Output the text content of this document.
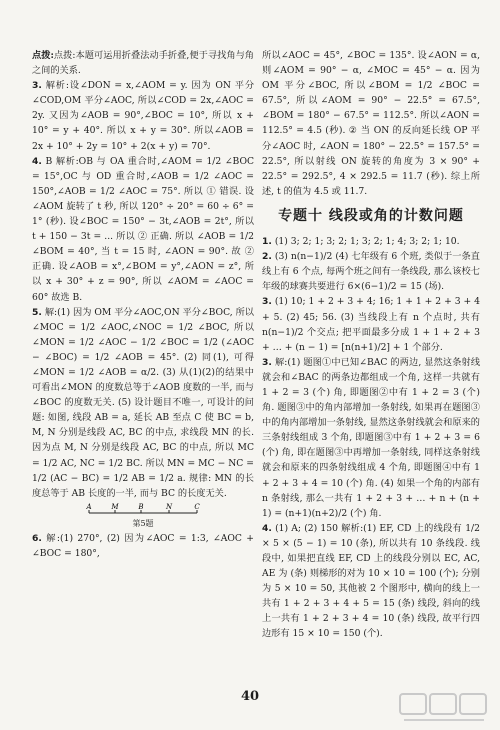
点拨:点拨:本题可运用折叠法动手折叠,便于寻找角与角之间的关系.

3. 解析:设∠DON = x,∠AOM = y. 因为 ON 平分∠COD,OM 平分∠AOC, 所以∠COD = 2x,∠AOC = 2y. 又因为∠AOB = 90°,∠BOC = 10°, 所以 x + 10° = y + 40°. 所以 x + y = 30°. 所以∠AOB = 2x + 10° + 2y = 10° + 2(x + y) = 70°.

4. B 解析:OB 与 OA 重合时,∠AOM = 1/2 ∠BOC = 15°,OC 与 OD 重合时,∠AOB = 1/2 ∠AOC = 150°,∠AOB = 1/2 ∠AOC = 75°. 所以 ① 错误. 设∠AOM 旋转了 t 秒, 所以 120° ÷ 20° = 60 ÷ 6° = 1° (秒). 设∠BOC = 150° − 3t,∠AOB = 2t°, 所以 t + 150 − 3t = ... 所以 ② 正确. 所以 ∠AOB = 1/2 ∠BOM = 40°, 当 t = 15 时, ∠AON = 90°. 故 ② 正确. 设∠AOB = x°,∠BOM = y°,∠AON = z°, 所以 x + 30° + z = 90°, 所以 ∠AOM = ∠AOC = 60° 故选 B.

5. 解:(1) 因为 OM 平分∠AOC,ON 平分∠BOC, 所以∠MOC = 1/2 ∠AOC,∠NOC = 1/2 ∠BOC, 所以∠MON = 1/2 ∠AOC − 1/2 ∠BOC = 1/2 (∠AOC − ∠BOC) = 1/2 ∠AOB = 45°. (2) 同(1), 可得∠MON = 1/2 ∠AOB = α/2. (3) 从(1)(2)的结果中可看出∠MON 的度数总等于∠AOB 度数的一半, 而与∠BOC 的度数无关. (5) 设计题目不唯一, 可设计的问题: 如图, 线段 AB = a, 延长 AB 至点 C 使 BC = b, M, N 分别是线段 AC, BC 的中点, 求线段 MN 的长. 因为点 M, N 分别是线段 AC, BC 的中点, 所以 MC = 1/2 AC, NC = 1/2 BC. 所以 MN = MC − NC = 1/2 (AC − BC) = 1/2 AB = 1/2 a. 规律: MN 的长度总等于 AB 长度的一半, 而与 BC 的长度无关.

A	M	B	N	C

第5题

6. 解:(1) 270°, (2) 因为∠AOC = 1:3, ∠AOC + ∠BOC = 180°,

所以∠AOC = 45°, ∠BOC = 135°. 设∠AON = α, 则∠AOM = 90° − α, ∠MOC = 45° − α. 因为 OM 平分∠BOC, 所以∠BOM = 1/2 ∠BOC = 67.5°, 所以∠AOM = 90° − 22.5° = 67.5°, ∠BOM = 180° − 67.5° = 112.5°. 所以∠AON = 112.5° = 4.5 (秒). ② 当 ON 的反向延长线 OP 平分∠AOC 时, ∠AON = 180° − 22.5° = 157.5° = 22.5°, 所以射线 ON 旋转的角度为 3 × 90° + 22.5° = 292.5°, 4 × 292.5 = 11.7 (秒). 综上所述, t 的值为 4.5 或 11.7.

专题十 线段或角的计数问题

1. (1) 3; 2; 1; 3; 2; 1; 3; 2; 1; 4; 3; 2; 1; 10.

2. (3) n(n−1)/2 (4) 七年级有 6 个班, 类似于一条直线上有 6 个点, 每两个班之间有一条线段, 那么该校七年级的球赛共要进行 6×(6−1)/2 = 15 (场).

3. (1) 10; 1 + 2 + 3 + 4; 16; 1 + 1 + 2 + 3 + 4 + 5. (2) 45; 56. (3) 当线段上有 n 个点时, 共有 n(n−1)/2 个交点; 把平面最多分成 1 + 1 + 2 + 3 + … + (n − 1) = [n(n+1)/2] + 1 个部分.

3. 解:(1) 题图①中已知∠BAC 的两边, 显然这条射线就会和∠BAC 的两条边都组成一个角, 这样一共就有 1 + 2 = 3 (个) 角, 即题图②中有 1 + 2 = 3 (个) 角. 题图③中的角内部增加一条射线, 如果再在题图③中的角内部增加一条射线, 显然这条射线就会和原来的三条射线组成 3 个角, 即题图③中有 1 + 2 + 3 = 6 (个) 角, 即在题图③中再增加一条射线, 同样这条射线就会和原来的四条射线组成 4 个角, 即题图④中有 1 + 2 + 3 + 4 = 10 (个) 角. (4) 如果一个角的内部有 n 条射线, 那么一共有 1 + 2 + 3 + … + n + (n + 1) = (n+1)(n+2)/2 (个) 角.

4. (1) A; (2) 150 解析:(1) EF, CD 上的线段有 1/2 × 5 × (5 − 1) = 10 (条), 所以共有 10 条线段. 线段中, 如果把直线 EF, CD 上的线段分别以 EC, AC, AE 为 (条) 则梯形的对为 10 × 10 = 100 (个); 分别为 5 × 10 = 50, 其他被 2 个图形中, 横向的线上一共有 1 + 2 + 3 + 4 + 5 = 15 (条) 线段, 斜向的线上一共有 1 + 2 + 3 + 4 = 10 (条) 线段, 故平行四边形有 15 × 10 = 150 (个).

40
